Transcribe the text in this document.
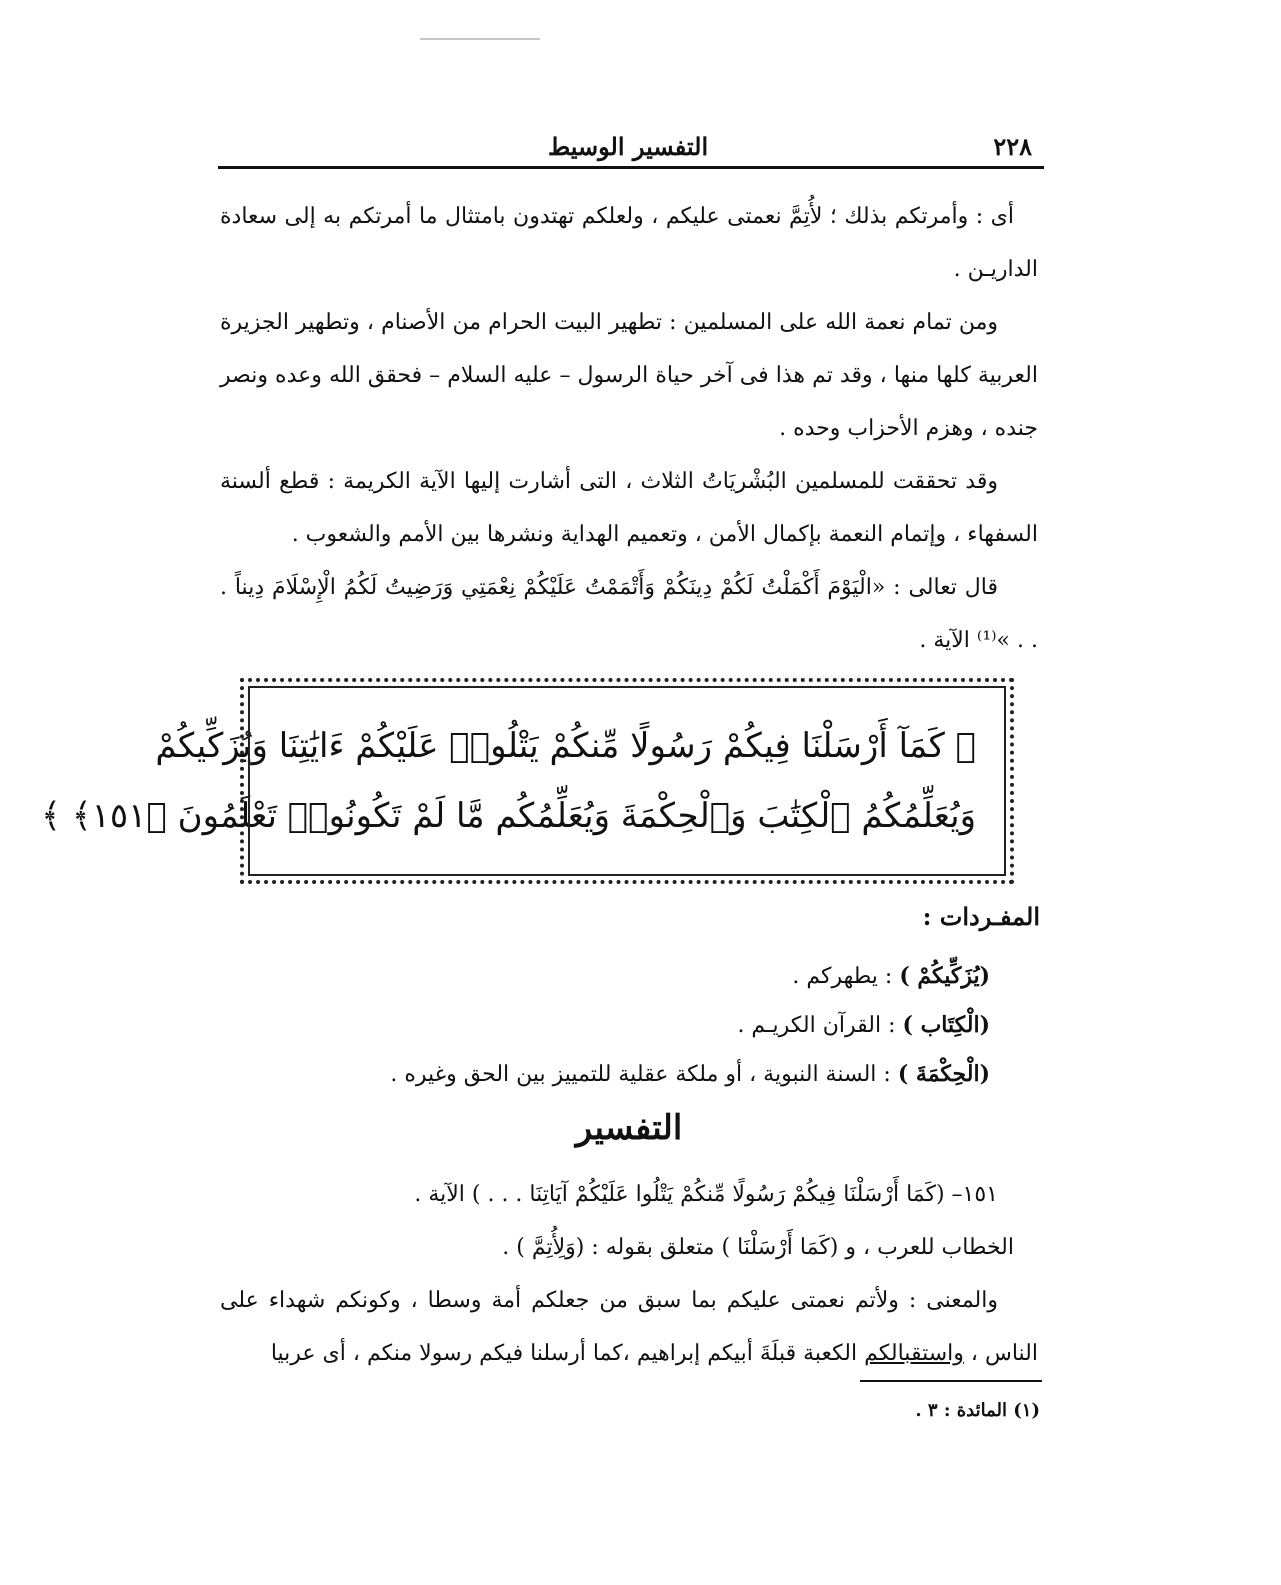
٢٢٨
التفسير الوسيط

أى : وأمرتكم بذلك ؛ لأُتِمَّ نعمتى عليكم ، ولعلكم تهتدون بامتثال ما أمرتكم به إلى سعادة الداريـن .

ومن تمام نعمة الله على المسلمين : تطهير البيت الحرام من الأصنام ، وتطهير الجزيرة العربية كلها منها ، وقد تم هذا فى آخر حياة الرسول – عليه السلام – فحقق الله وعده ونصر جنده ، وهزم الأحزاب وحده .

وقد تحققت للمسلمين البُشْريَاتُ الثلاث ، التى أشارت إليها الآية الكريمة : قطع ألسنة السفهاء ، وإتمام النعمة بإكمال الأمن ، وتعميم الهداية ونشرها بين الأمم والشعوب .

قال تعالى : «الْيَوْمَ أَكْمَلْتُ لَكُمْ دِينَكُمْ وَأَتْمَمْتُ عَلَيْكُمْ نِعْمَتِي وَرَضِيتُ لَكُمُ الْإِسْلَامَ دِيناً . . . »⁽¹⁾ الآية .

﴿ كَمَآ أَرْسَلْنَا فِيكُمْ رَسُولًا مِّنكُمْ يَتْلُوا۟ عَلَيْكُمْ ءَايَٰتِنَا وَيُزَكِّيكُمْ
وَيُعَلِّمُكُمُ ٱلْكِتَٰبَ وَٱلْحِكْمَةَ وَيُعَلِّمُكُم مَّا لَمْ تَكُونُوا۟ تَعْلَمُونَ ﴿١٥١﴾ ﴾
المفـردات :
(يُزَكِّيكُمْ ) : يطهركم .
(الْكِتَاب ) : القرآن الكريـم .
(الْحِكْمَةَ ) : السنة النبوية ، أو ملكة عقلية للتمييز بين الحق وغيره .
التفسير

١٥١– (كَمَا أَرْسَلْنَا فِيكُمْ رَسُولًا مِّنكُمْ يَتْلُوا عَلَيْكُمْ آيَاتِنَا . . . ) الآية .

الخطاب للعرب ، و (كَمَا أَرْسَلْنَا ) متعلق بقوله : (وَلِأُتِمَّ ) .

والمعنى : ولأتم نعمتى عليكم بما سبق من جعلكم أمة وسطا ، وكونكم شهداء على الناس ، واستقبالكم الكعبة قبلَةَ أبيكم إبراهيم ،كما أرسلنا فيكم رسولا منكم ، أى عربيا

(١) المائدة : ٣ .
